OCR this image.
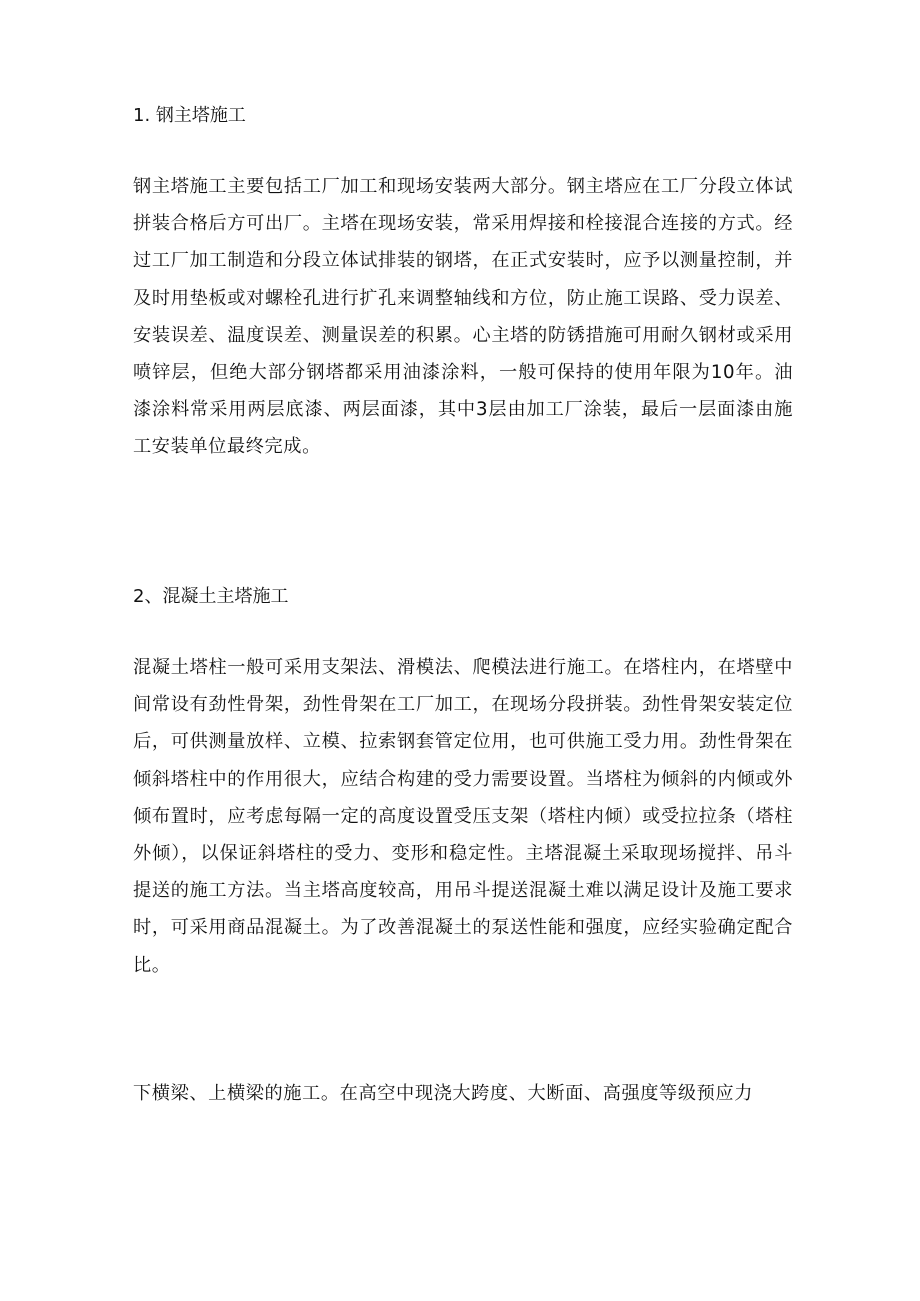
1. 钢主塔施工
钢主塔施工主要包括工厂加工和现场安装两大部分。钢主塔应在工厂分段立体试拼装合格后方可出厂。主塔在现场安装，常采用焊接和栓接混合连接的方式。经过工厂加工制造和分段立体试排装的钢塔，在正式安装时，应予以测量控制，并及时用垫板或对螺栓孔进行扩孔来调整轴线和方位，防止施工误路、受力误差、安装误差、温度误差、测量误差的积累。心主塔的防锈措施可用耐久钢材或采用喷锌层，但绝大部分钢塔都采用油漆涂料，一般可保持的使用年限为10年。油漆涂料常采用两层底漆、两层面漆，其中3层由加工厂涂装，最后一层面漆由施工安装单位最终完成。
2、混凝土主塔施工
混凝土塔柱一般可采用支架法、滑模法、爬模法进行施工。在塔柱内，在塔壁中间常设有劲性骨架，劲性骨架在工厂加工，在现场分段拼装。劲性骨架安装定位后，可供测量放样、立模、拉索钢套管定位用，也可供施工受力用。劲性骨架在倾斜塔柱中的作用很大，应结合构建的受力需要设置。当塔柱为倾斜的内倾或外倾布置时，应考虑每隔一定的高度设置受压支架（塔柱内倾）或受拉拉条（塔柱外倾），以保证斜塔柱的受力、变形和稳定性。主塔混凝土采取现场搅拌、吊斗提送的施工方法。当主塔高度较高，用吊斗提送混凝土难以满足设计及施工要求时，可采用商品混凝土。为了改善混凝土的泵送性能和强度，应经实验确定配合比。
下横梁、上横梁的施工。在高空中现浇大跨度、大断面、高强度等级预应力
